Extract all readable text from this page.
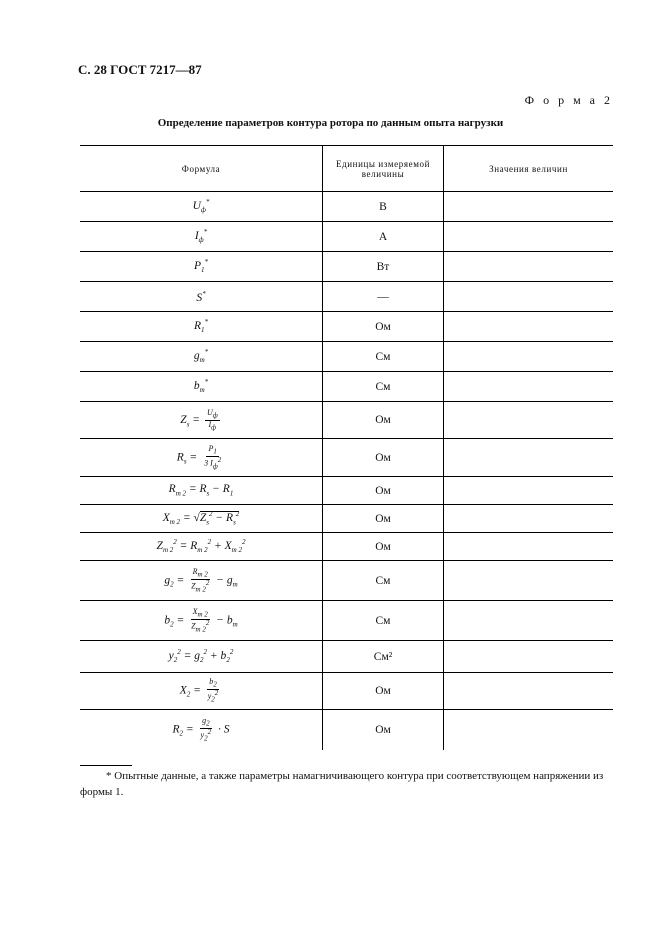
С. 28 ГОСТ 7217—87
Ф о р м а 2
Определение параметров контура ротора по данным опыта нагрузки
Формула	Единицы измеряемой величины	Значения величин
$U_ф^*$	В
$I_ф^*$	А
$P_1^*$	Вт
S*	—
$R_1^*$	Ом
$g_m^*$	См
$b_m^*$	См
$Z_s = \frac{U_ф}{I_ф}$	Ом
$R_s = \frac{P_1}{3 I_ф^2}$	Ом
$R_{m 2} = R_s - R_1$	Ом
$X_{m 2} = √Z_s^2 - R_s^2$	Ом
$Z_{m 2}^2 = R_{m 2}^2 + X_{m 2}^2$	Ом
$g_2 = \frac{R_{m 2}}{Z_{m 2}^2} - g_m$	См
$b_2 = \frac{X_{m 2}}{Z_{m 2}^2} - b_m$	См
$y_2^2 = g_2^2 + b_2^2$	См²
$X_2 = \frac{b_2}{y_2^2}$	Ом
$R_2 = \frac{g_2}{y_2^2} \cdot S$	Ом
* Опытные данные, а также параметры намагничивающего контура при соответствующем напряжении из формы 1.
